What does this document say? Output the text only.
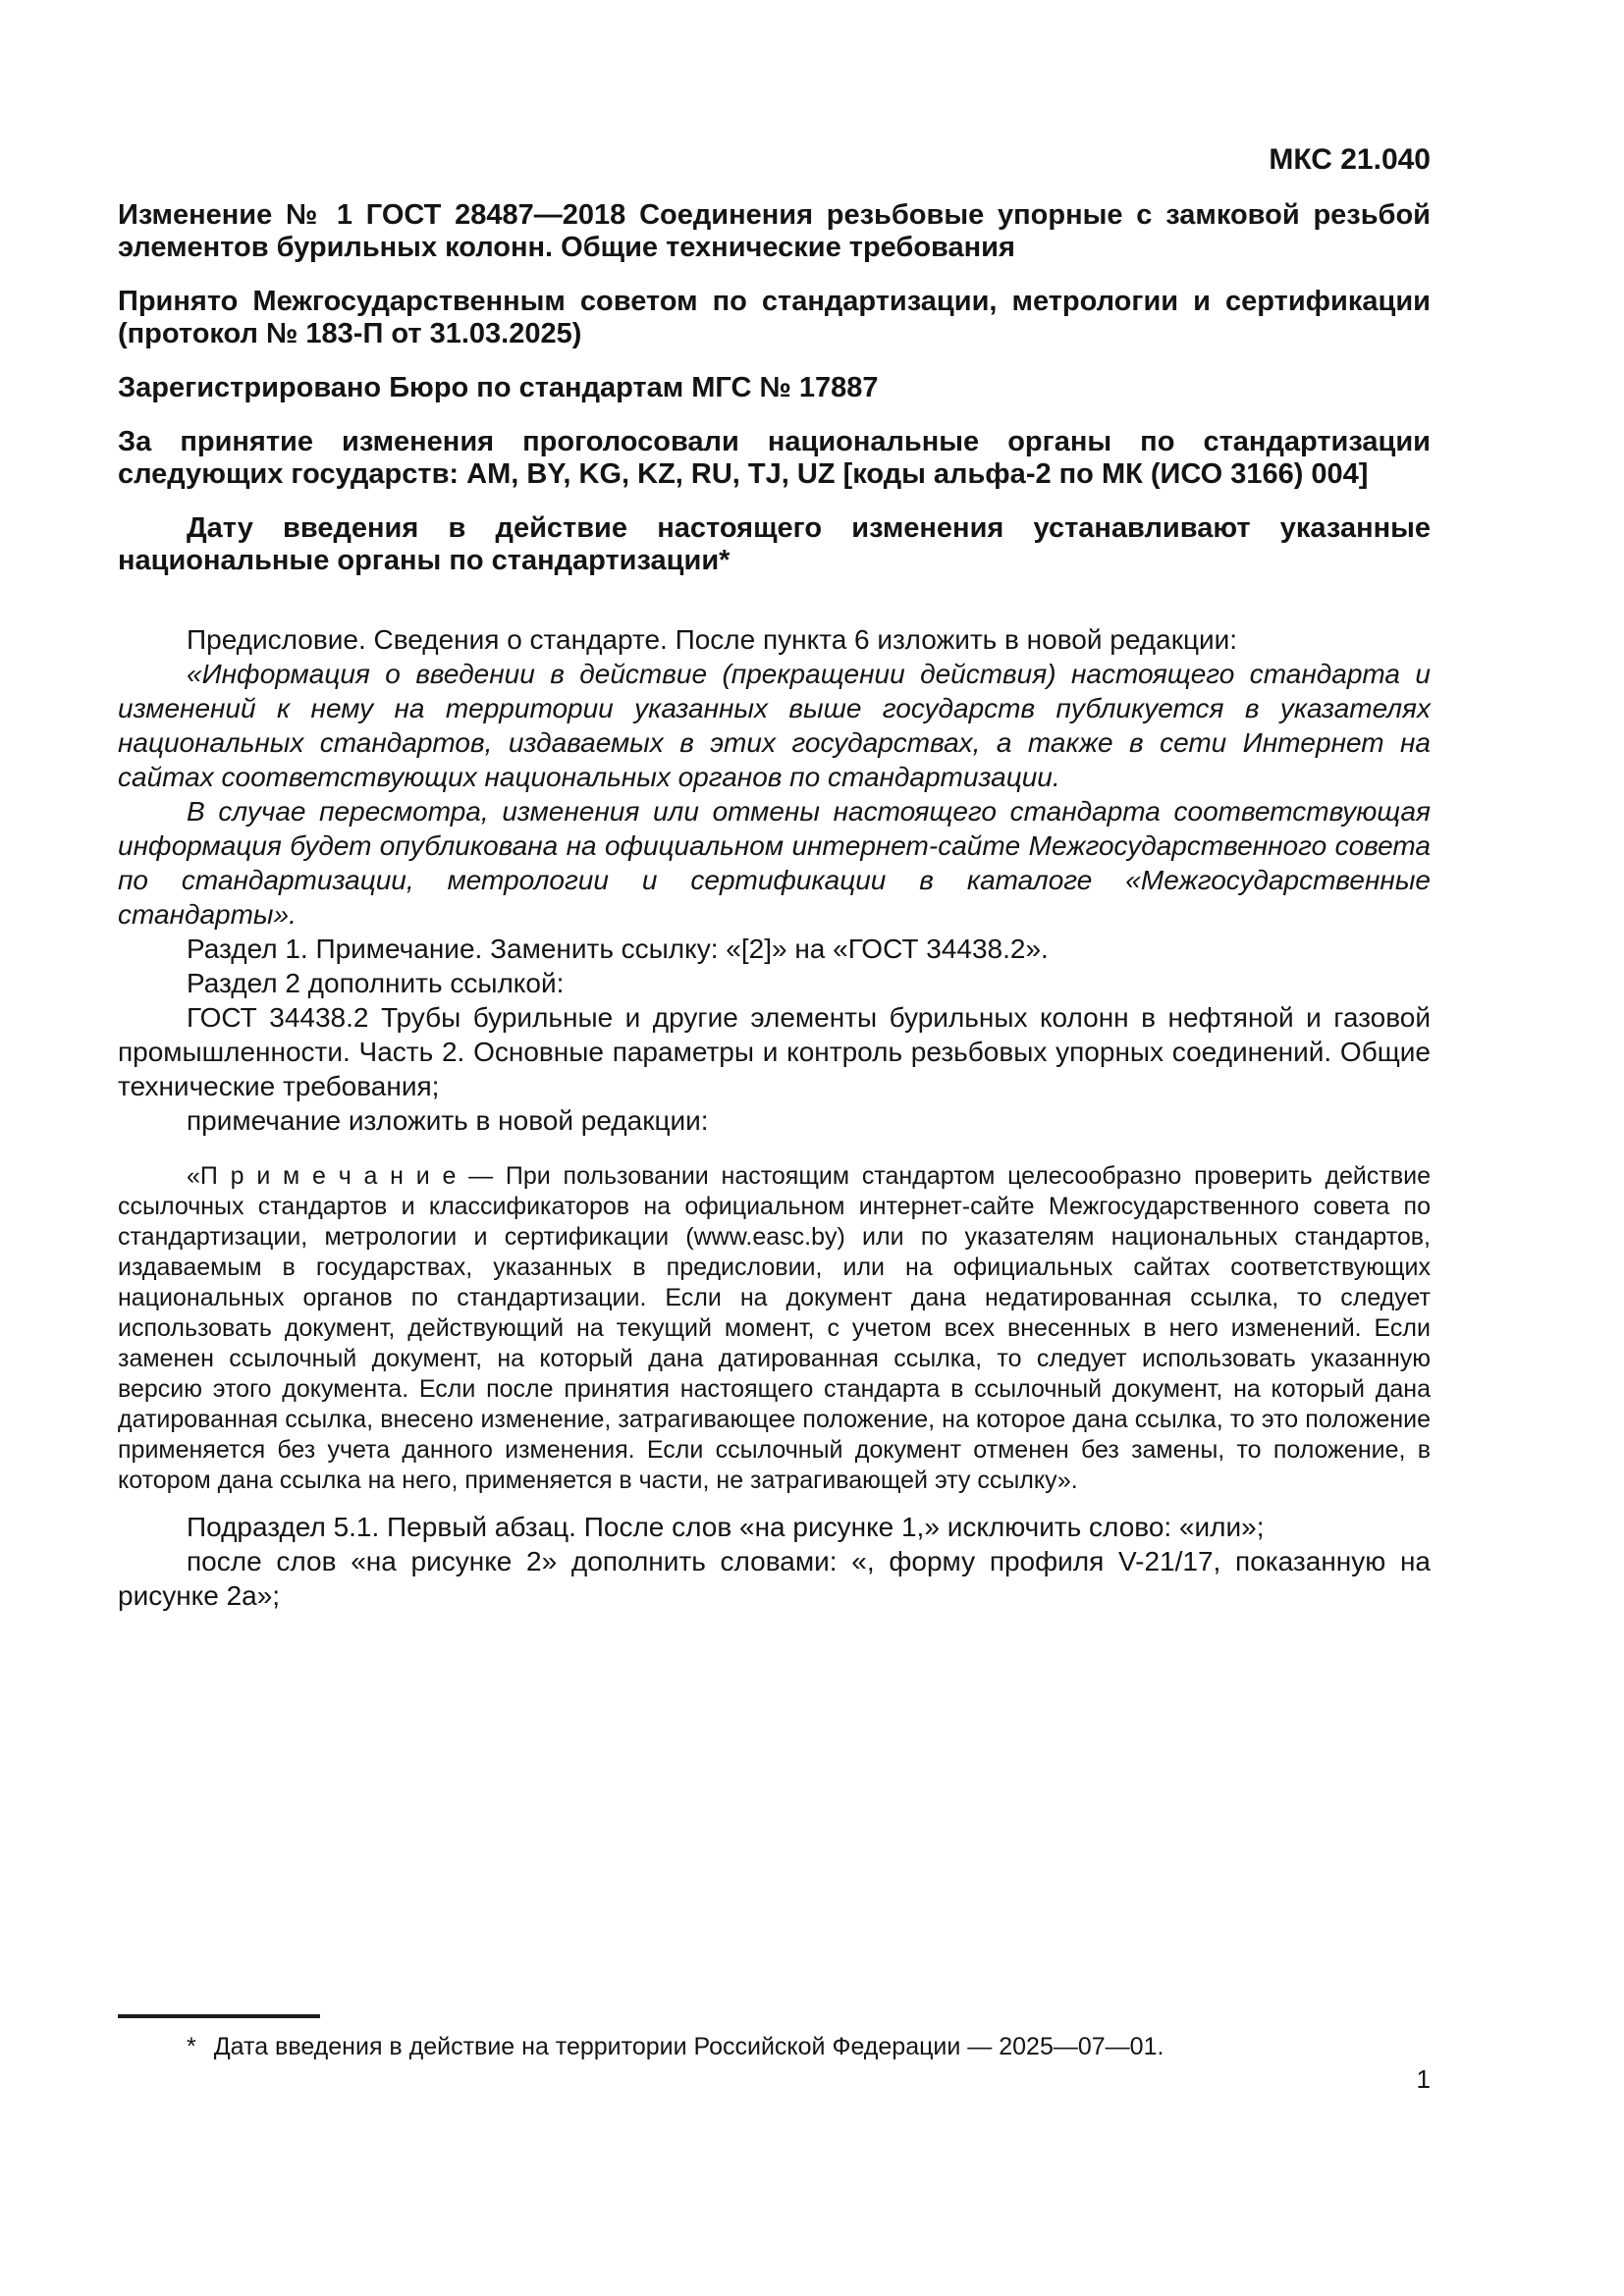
МКС 21.040

Изменение № 1 ГОСТ 28487—2018 Соединения резьбовые упорные с замковой резьбой элементов бурильных колонн. Общие технические требования

Принято Межгосударственным советом по стандартизации, метрологии и сертификации (протокол № 183-П от 31.03.2025)

Зарегистрировано Бюро по стандартам МГС № 17887

За принятие изменения проголосовали национальные органы по стандартизации следующих государств: AM, BY, KG, KZ, RU, TJ, UZ [коды альфа-2 по МК (ИСО 3166) 004]

Дату введения в действие настоящего изменения устанавливают указанные национальные органы по стандартизации*

Предисловие. Сведения о стандарте. После пункта 6 изложить в новой редакции:

«Информация о введении в действие (прекращении действия) настоящего стандарта и изменений к нему на территории указанных выше государств публикуется в указателях национальных стандартов, издаваемых в этих государствах, а также в сети Интернет на сайтах соответствующих национальных органов по стандартизации.

В случае пересмотра, изменения или отмены настоящего стандарта соответствующая информация будет опубликована на официальном интернет-сайте Межгосударственного совета по стандартизации, метрологии и сертификации в каталоге «Межгосударственные стандарты».

Раздел 1. Примечание. Заменить ссылку: «[2]» на «ГОСТ 34438.2».

Раздел 2 дополнить ссылкой:

ГОСТ 34438.2 Трубы бурильные и другие элементы бурильных колонн в нефтяной и газовой промышленности. Часть 2. Основные параметры и контроль резьбовых упорных соединений. Общие технические требования;

примечание изложить в новой редакции:

«П р и м е ч а н и е — При пользовании настоящим стандартом целесообразно проверить действие ссылочных стандартов и классификаторов на официальном интернет-сайте Межгосударственного совета по стандартизации, метрологии и сертификации (www.easc.by) или по указателям национальных стандартов, издаваемым в государствах, указанных в предисловии, или на официальных сайтах соответствующих национальных органов по стандартизации. Если на документ дана недатированная ссылка, то следует использовать документ, действующий на текущий момент, с учетом всех внесенных в него изменений. Если заменен ссылочный документ, на который дана датированная ссылка, то следует использовать указанную версию этого документа. Если после принятия настоящего стандарта в ссылочный документ, на который дана датированная ссылка, внесено изменение, затрагивающее положение, на которое дана ссылка, то это положение применяется без учета данного изменения. Если ссылочный документ отменен без замены, то положение, в котором дана ссылка на него, применяется в части, не затрагивающей эту ссылку».

Подраздел 5.1. Первый абзац. После слов «на рисунке 1,» исключить слово: «или»;

после слов «на рисунке 2» дополнить словами: «, форму профиля V-21/17, показанную на рисунке 2а»;

* Дата введения в действие на территории Российской Федерации — 2025—07—01.
1
